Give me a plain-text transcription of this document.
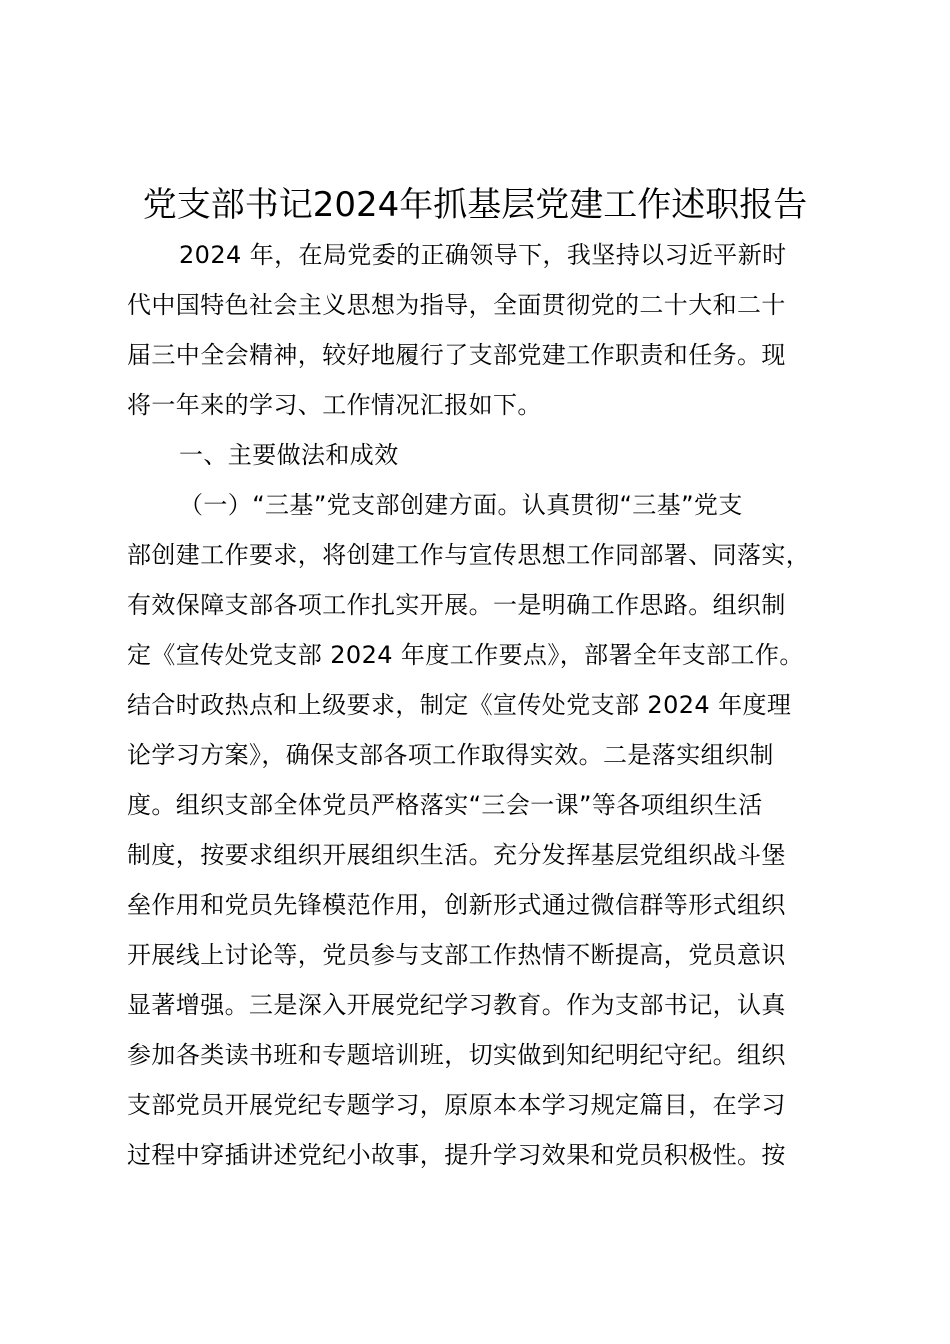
党支部书记2024年抓基层党建工作述职报告
2024 年，在局党委的正确领导下，我坚持以习近平新时
代中国特色社会主义思想为指导，全面贯彻党的二十大和二十
届三中全会精神，较好地履行了支部党建工作职责和任务。现
将一年来的学习、工作情况汇报如下。
一、主要做法和成效
（一）“三基”党支部创建方面。认真贯彻“三基”党支
部创建工作要求，将创建工作与宣传思想工作同部署、同落实，
有效保障支部各项工作扎实开展。一是明确工作思路。组织制
定《宣传处党支部 2024 年度工作要点》，部署全年支部工作。
结合时政热点和上级要求，制定《宣传处党支部 2024 年度理
论学习方案》，确保支部各项工作取得实效。二是落实组织制
度。组织支部全体党员严格落实“三会一课”等各项组织生活
制度，按要求组织开展组织生活。充分发挥基层党组织战斗堡
垒作用和党员先锋模范作用，创新形式通过微信群等形式组织
开展线上讨论等，党员参与支部工作热情不断提高，党员意识
显著增强。三是深入开展党纪学习教育。作为支部书记，认真
参加各类读书班和专题培训班，切实做到知纪明纪守纪。组织
支部党员开展党纪专题学习，原原本本学习规定篇目，在学习
过程中穿插讲述党纪小故事，提升学习效果和党员积极性。按
